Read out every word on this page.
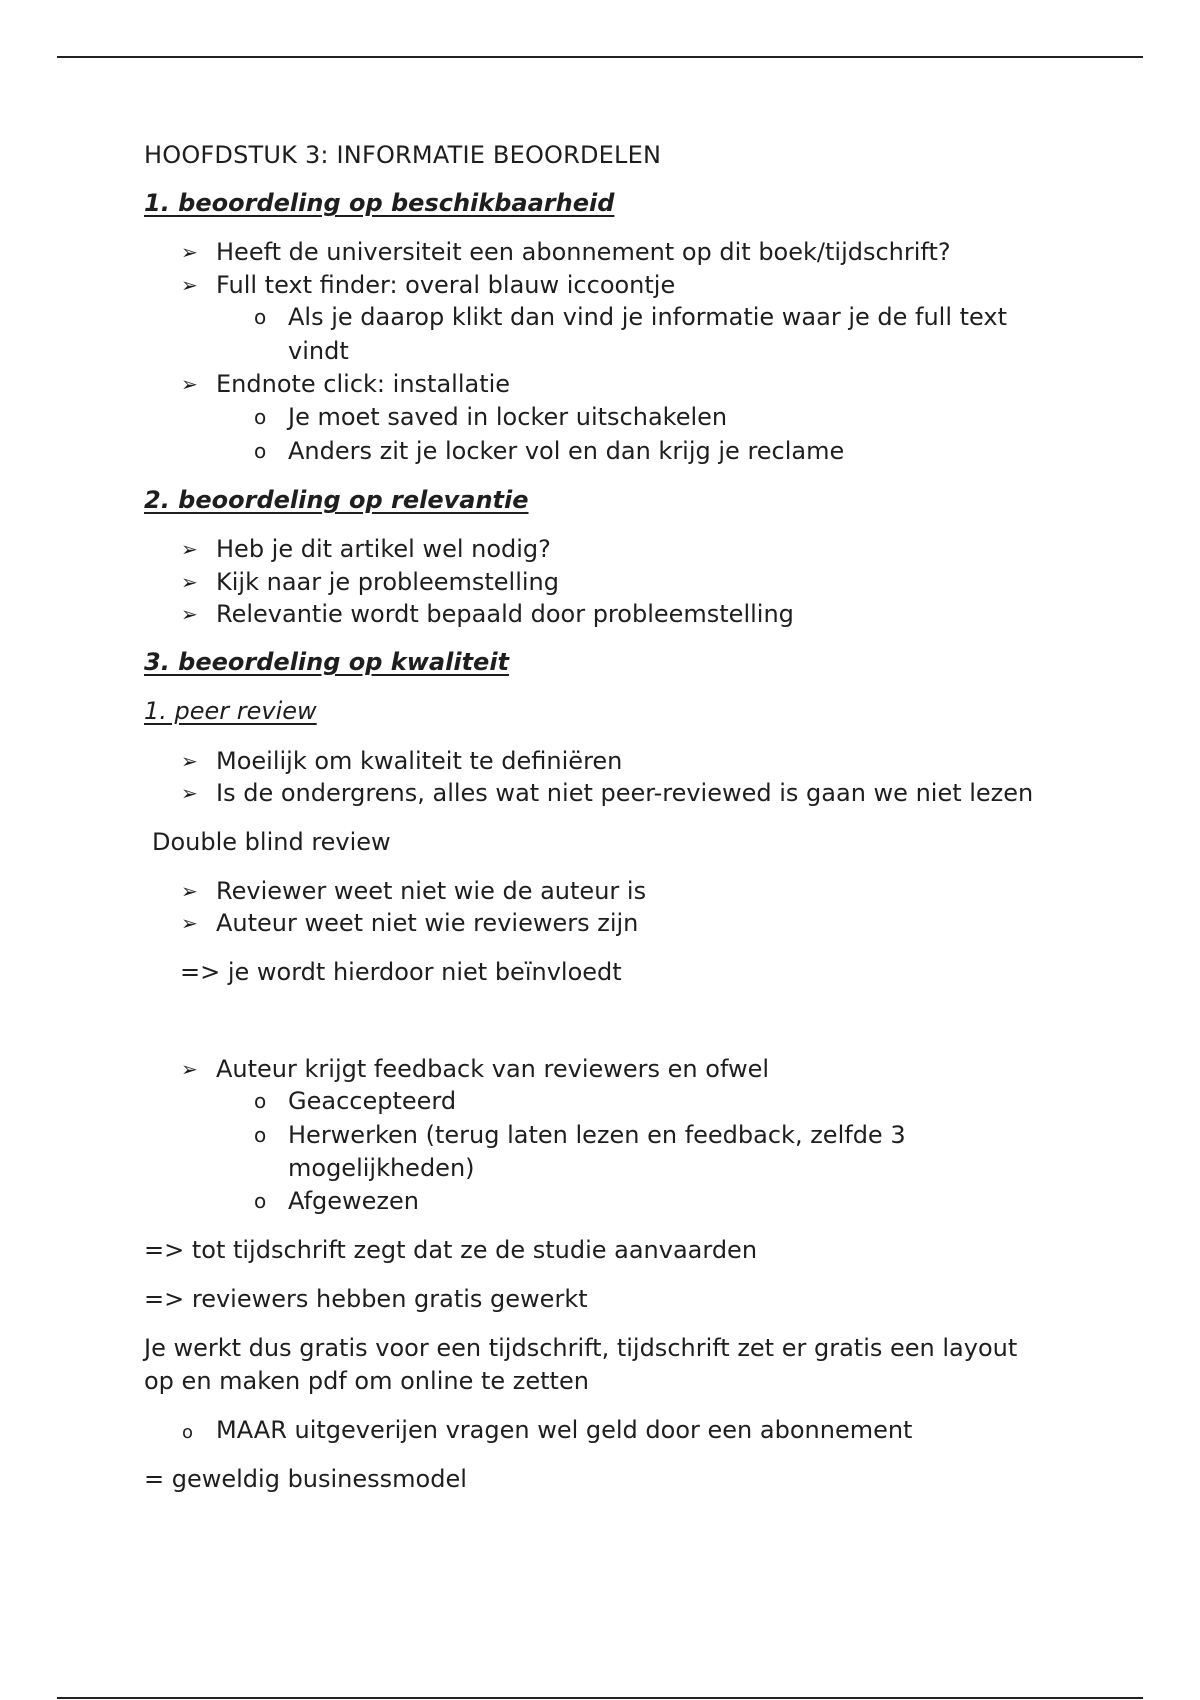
HOOFDSTUK 3: INFORMATIE BEOORDELEN
1. beoordeling op beschikbaarheid
➢ Heeft de universiteit een abonnement op dit boek/tijdschrift?
➢ Full text finder: overal blauw iccoontje
o Als je daarop klikt dan vind je informatie waar je de full text
vindt
➢ Endnote click: installatie
o Je moet saved in locker uitschakelen
o Anders zit je locker vol en dan krijg je reclame
2. beoordeling op relevantie
➢ Heb je dit artikel wel nodig?
➢ Kijk naar je probleemstelling
➢ Relevantie wordt bepaald door probleemstelling
3. beeordeling op kwaliteit
1. peer review
➢ Moeilijk om kwaliteit te definiëren
➢ Is de ondergrens, alles wat niet peer-reviewed is gaan we niet lezen
Double blind review
➢ Reviewer weet niet wie de auteur is
➢ Auteur weet niet wie reviewers zijn
=> je wordt hierdoor niet beïnvloedt
➢ Auteur krijgt feedback van reviewers en ofwel
o Geaccepteerd
o Herwerken (terug laten lezen en feedback, zelfde 3
mogelijkheden)
o Afgewezen
=> tot tijdschrift zegt dat ze de studie aanvaarden
=> reviewers hebben gratis gewerkt
Je werkt dus gratis voor een tijdschrift, tijdschrift zet er gratis een layout
op en maken pdf om online te zetten
o MAAR uitgeverijen vragen wel geld door een abonnement
= geweldig businessmodel
